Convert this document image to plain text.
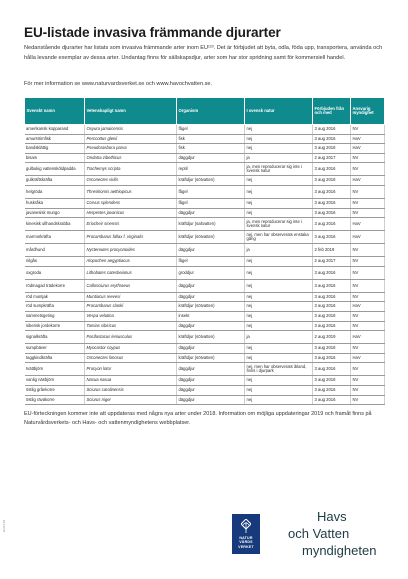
EU-listade invasiva främmande djurarter

Nedanstående djurarter har listats som invasiva främmande arter inom EU¹²³. Det är förbjudet att byta, odla, föda upp, transportera, använda och hålla levande exemplar av dessa arter. Undantag finns för sällskapsdjur, arter som har stor spridning samt för kommersiell handel.

För mer information se www.naturvardsverket.se och www.havochvatten.se.

Svenskt namn	Vetenskapligt namn	Organism	I svensk natur	Förbjuden från och med	Ansvarig myndighet
amerikansk kopparand	Oxyura jamaicensis	fågel	nej	3 aug 2016	NV
amurstrimfisk	Perccottus glenii	fisk	nej	3 aug 2016	HaV
bandsklättig	Pseudorasbora parva	fisk	nej	3 aug 2016	HaV
bisam	Ondatra zibethicus	däggdjur	ja	2 aug 2017	NV
gulbukig vattensköldpadda	Trachemys scripta	reptil	ja, men reproducerar sig inte i svensk natur	3 aug 2016	NV
gulkräftskräfta	Orconectes virilis	kräftdjur (sötvatten)	nej	3 aug 2016	HaV
helgröda	Threskiornis aethiopicus	fågel	nej	3 aug 2016	NV
huskråka	Corvus splendens	fågel	nej	3 aug 2016	NV
javanesisk mungo	Herpestes javanicus	däggdjur	nej	3 aug 2016	NV
kinesisk ullhandskrabba	Eriocheir sinensis	kräftdjur (saltvatten)	ja, men reproducerar sig inte i svensk natur	3 aug 2016	HaV
marmorkräfta	Procambarus fallax f. virginalis	kräftdjur (sötvatten)	nej, men har observerats enstaka gång	3 aug 2016	HaV
mårdhund	Nyctereutes procyonoides	däggdjur	ja	2 feb 2019	NV
nilgås	Alopochen aegyptiacus	fågel	nej	2 aug 2017	NV
oxgroda	Lithobates catesbeianus	groddjur	nej	3 aug 2016	NV
rödmagad trädekorre	Callosciurus erythraeus	däggdjur	nej	3 aug 2016	NV
röd muntjak	Muntiacus reevesi	däggdjur	nej	3 aug 2016	NV
röd sumpkräfta	Procambarus clarkii	kräftdjur (sötvatten)	nej	3 aug 2016	HaV
sammetsgeting	Vespa velutina	insekt	nej	3 aug 2016	NV
siberisk jordekorre	Tamias sibiricus	däggdjur	nej	3 aug 2016	NV
signalkräfta	Pacifastacus leniusculus	kräftdjur (sötvatten)	ja	2 aug 2019	HaV
sumpbäver	Myocastor coypus	däggdjur	nej	3 aug 2016	NV
taggkindkräfta	Orconectes limosus	kräftdjur (sötvatten)	nej	3 aug 2016	HaV
tvättbjörn	Procyon lotor	däggdjur	nej, men har observerats ibland, finns i djurpark	3 aug 2016	NV
vanlig näsbjörn	Nasua nasua	däggdjur	nej	3 aug 2016	NV
östlig gråekorre	Sciurus carolinensis	däggdjur	nej	3 aug 2016	NV
östlig räväkorre	Sciurus niger	däggdjur	nej	3 aug 2016	NV

EU-förteckningen kommer inte att uppdateras med några nya arter under 2018. Information om möjliga uppdateringar 2019 och framåt finns på Naturvårdsverkets- och Havs- och vattenmyndighetens webbplatser.

NATUR
VÅRDS
VERKET
Havs
och Vatten
myndigheten
ELFN-18
